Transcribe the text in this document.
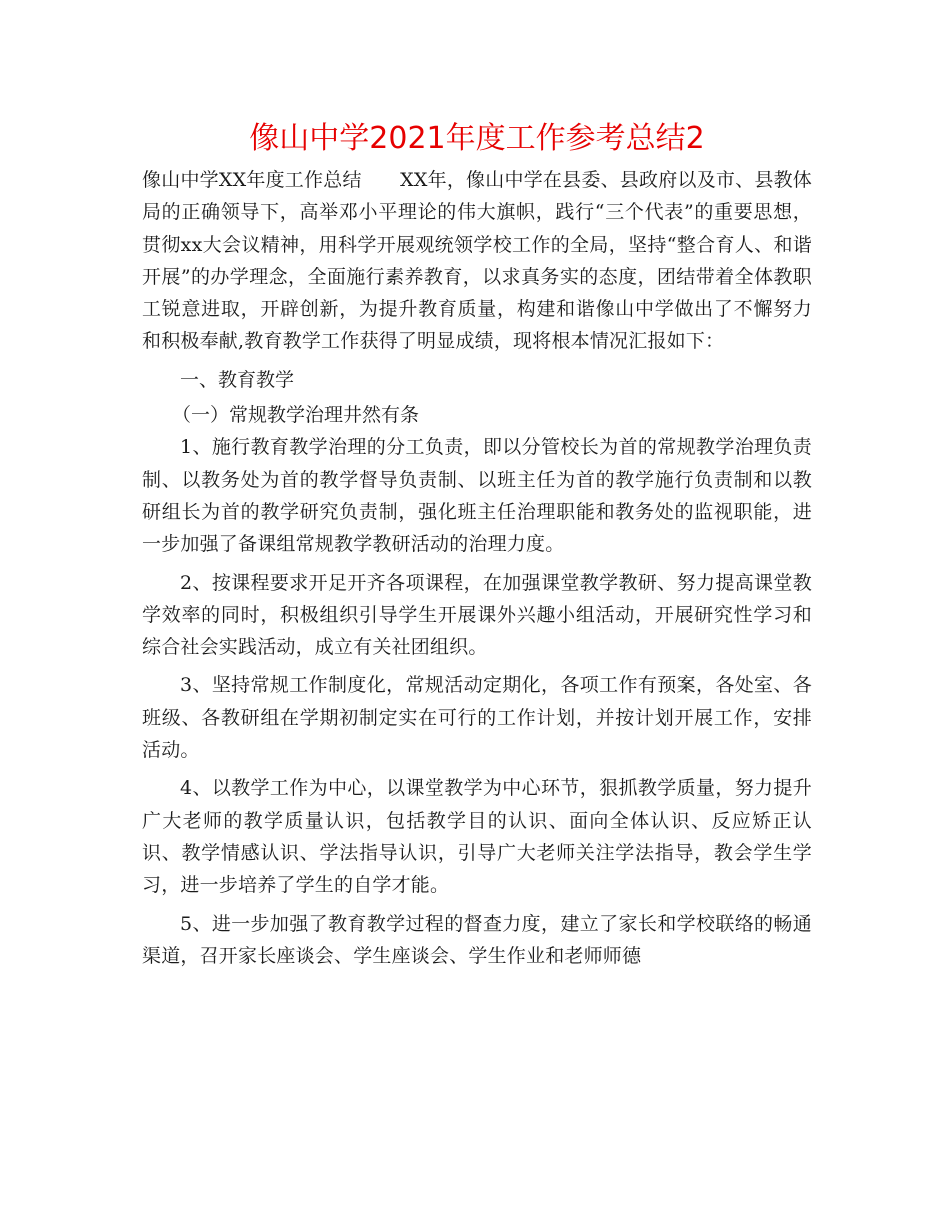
像山中学2021年度工作参考总结2

像山中学XX年度工作总结　　XX年，像山中学在县委、县政府以及市、县教体局的正确领导下，高举邓小平理论的伟大旗帜，践行“三个代表”的重要思想，贯彻xx大会议精神，用科学开展观统领学校工作的全局，坚持“整合育人、和谐开展”的办学理念，全面施行素养教育，以求真务实的态度，团结带着全体教职工锐意进取，开辟创新，为提升教育质量，构建和谐像山中学做出了不懈努力和积极奉献,教育教学工作获得了明显成绩，现将根本情况汇报如下：

一、教育教学

（一）常规教学治理井然有条

1、施行教育教学治理的分工负责，即以分管校长为首的常规教学治理负责制、以教务处为首的教学督导负责制、以班主任为首的教学施行负责制和以教研组长为首的教学研究负责制，强化班主任治理职能和教务处的监视职能，进一步加强了备课组常规教学教研活动的治理力度。

2、按课程要求开足开齐各项课程，在加强课堂教学教研、努力提高课堂教学效率的同时，积极组织引导学生开展课外兴趣小组活动，开展研究性学习和综合社会实践活动，成立有关社团组织。

3、坚持常规工作制度化，常规活动定期化，各项工作有预案，各处室、各班级、各教研组在学期初制定实在可行的工作计划，并按计划开展工作，安排活动。

4、以教学工作为中心，以课堂教学为中心环节，狠抓教学质量，努力提升广大老师的教学质量认识，包括教学目的认识、面向全体认识、反应矫正认识、教学情感认识、学法指导认识，引导广大老师关注学法指导，教会学生学习，进一步培养了学生的自学才能。

5、进一步加强了教育教学过程的督查力度，建立了家长和学校联络的畅通渠道，召开家长座谈会、学生座谈会、学生作业和老师师德
